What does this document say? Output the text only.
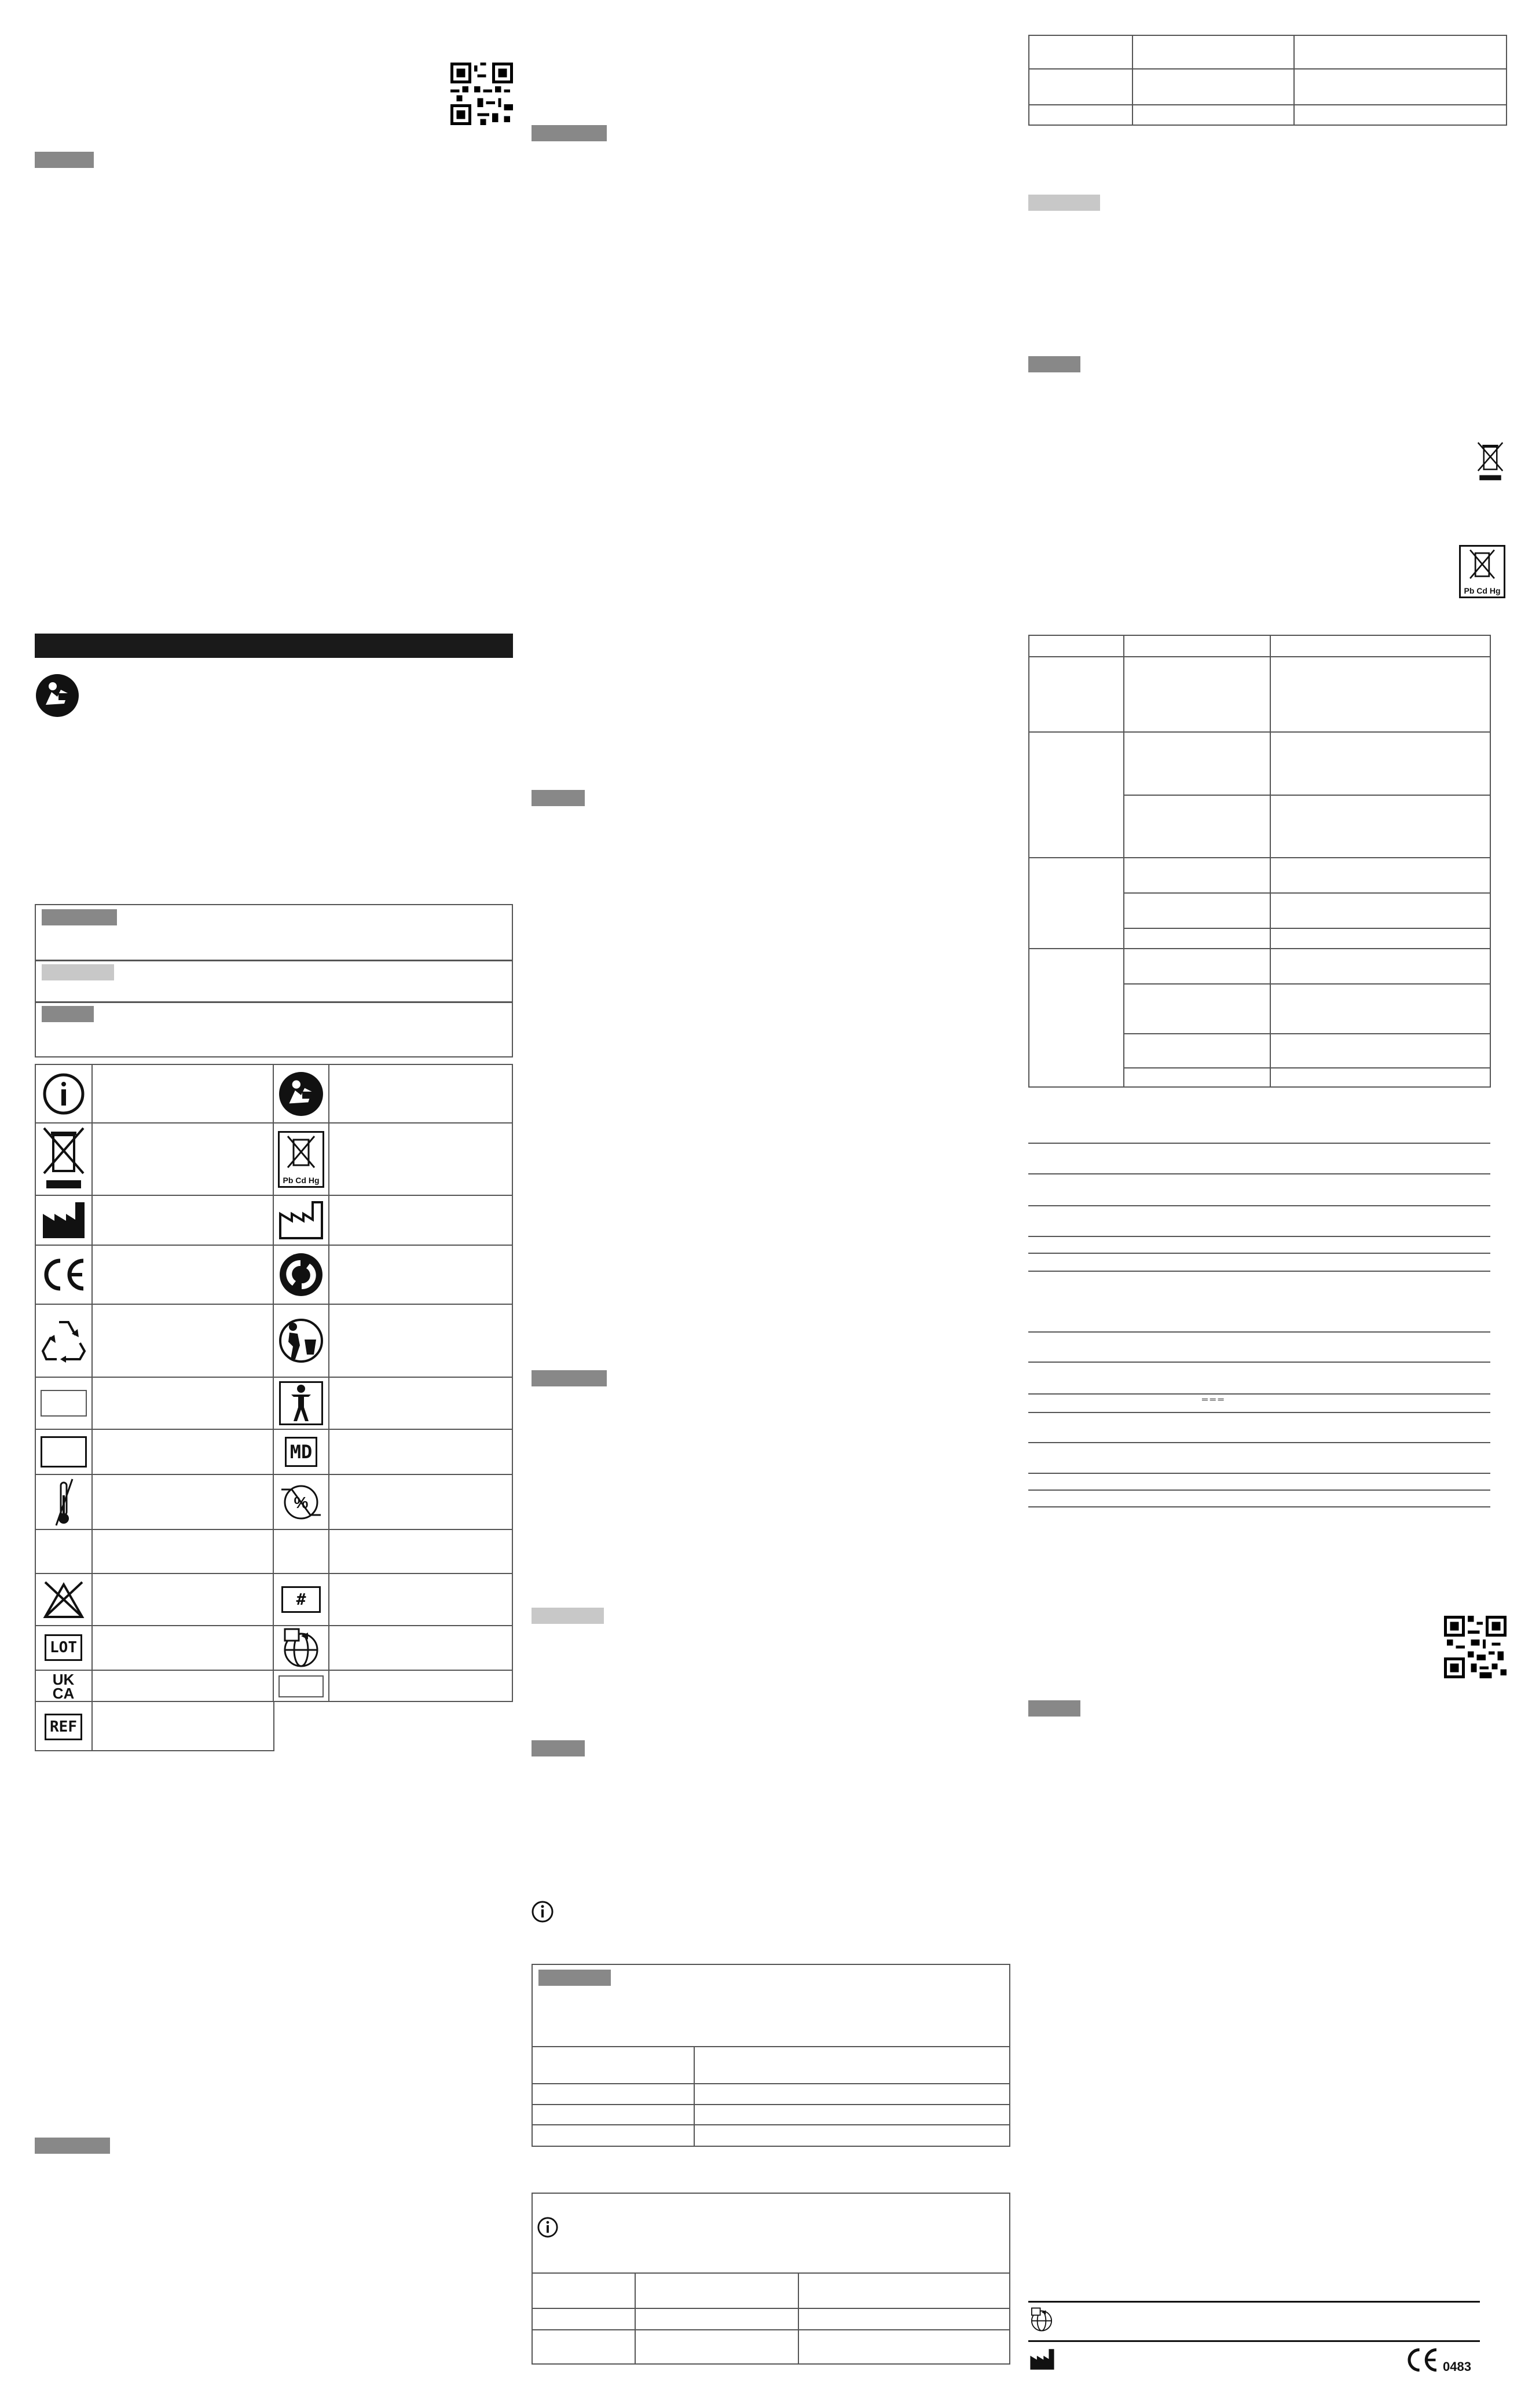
Pb Cd Hg
MD
%
#
LOT
UK
CA
REF
Pb Cd Hg
═ ═ ═
0483
